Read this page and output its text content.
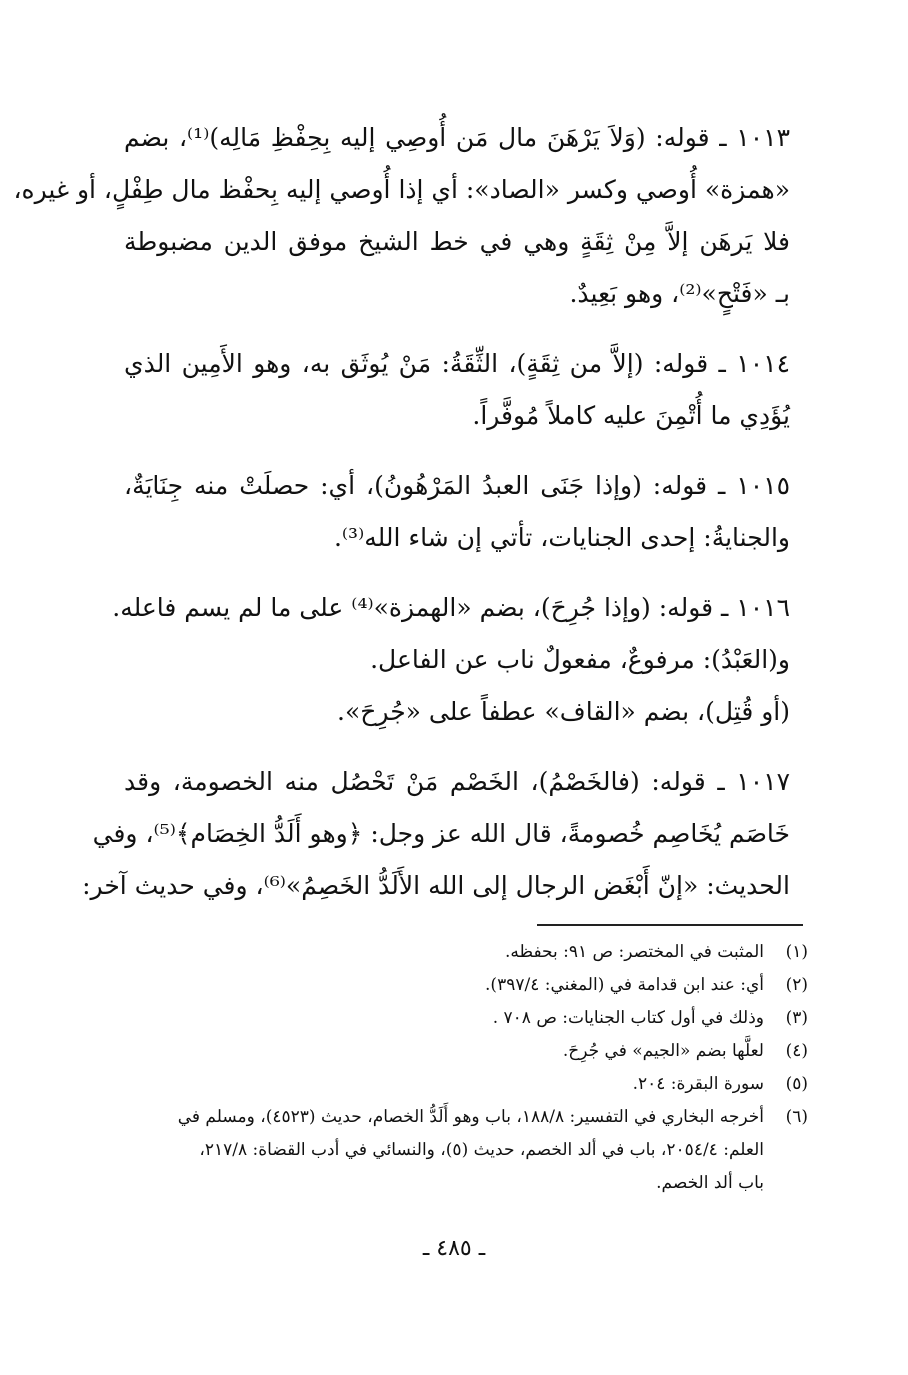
١٠١٣ ـ قوله: (وَلاَ يَرْهَنَ مال مَن أُوصِي إليه بِحِفْظِ مَالِه)⁽¹⁾، بضم
«همزة» أُوصي وكسر «الصاد»: أي إذا أُوصي إليه بِحفْظ مال طِفْلٍ، أو غيره،
فلا يَرهَن إلاَّ مِنْ ثِقَةٍ وهي في خط الشيخ موفق الدين مضبوطة
بـ «فَتْحٍ»⁽²⁾، وهو بَعِيدٌ.
١٠١٤ ـ قوله: (إلاَّ من ثِقَةٍ)، الثِّقَةُ: مَنْ يُوثَق به، وهو الأَمِين الذي
يُؤَدِي ما أُتْمِنَ عليه كاملاً مُوفَّراً.
١٠١٥ ـ قوله: (وإذا جَنَى العبدُ المَرْهُونُ)، أي: حصلَتْ منه جِنَايَةٌ،
والجنايةُ: إحدى الجنايات، تأتي إن شاء الله⁽³⁾.
١٠١٦ ـ قوله: (وإذا جُرِحَ)، بضم «الهمزة»⁽⁴⁾ على ما لم يسم فاعله.
و(العَبْدُ): مرفوعٌ، مفعولٌ ناب عن الفاعل.
(أو قُتِل)، بضم «القاف» عطفاً على «جُرِحَ».
١٠١٧ ـ قوله: (فالخَصْمُ)، الخَصْم مَنْ تَحْصُل منه الخصومة، وقد
خَاصَم يُخَاصِم خُصومةً، قال الله عز وجل: ﴿وهو أَلَدُّ الخِصَام﴾⁽⁵⁾، وفي
الحديث: «إنّ أَبْغَض الرجال إلى الله الأَلَدُّ الخَصِمُ»⁽⁶⁾، وفي حديث آخر:
(١)
المثبت في المختصر: ص ٩١: بحفظه.
(٢)
أي: عند ابن قدامة في (المغني: ٣٩٧/٤).
(٣)
وذلك في أول كتاب الجنايات: ص ٧٠٨ .
(٤)
لعلَّها بضم «الجيم» في جُرِحَ.
(٥)
سورة البقرة: ٢٠٤.
(٦)
أخرجه البخاري في التفسير: ١٨٨/٨، باب وهو أَلَدُّ الخصام، حديث (٤٥٢٣)، ومسلم في
العلم: ٢٠٥٤/٤، باب في ألد الخصم، حديث (٥)، والنسائي في أدب القضاة: ٢١٧/٨،
باب ألد الخصم.
ـ ٤٨٥ ـ
